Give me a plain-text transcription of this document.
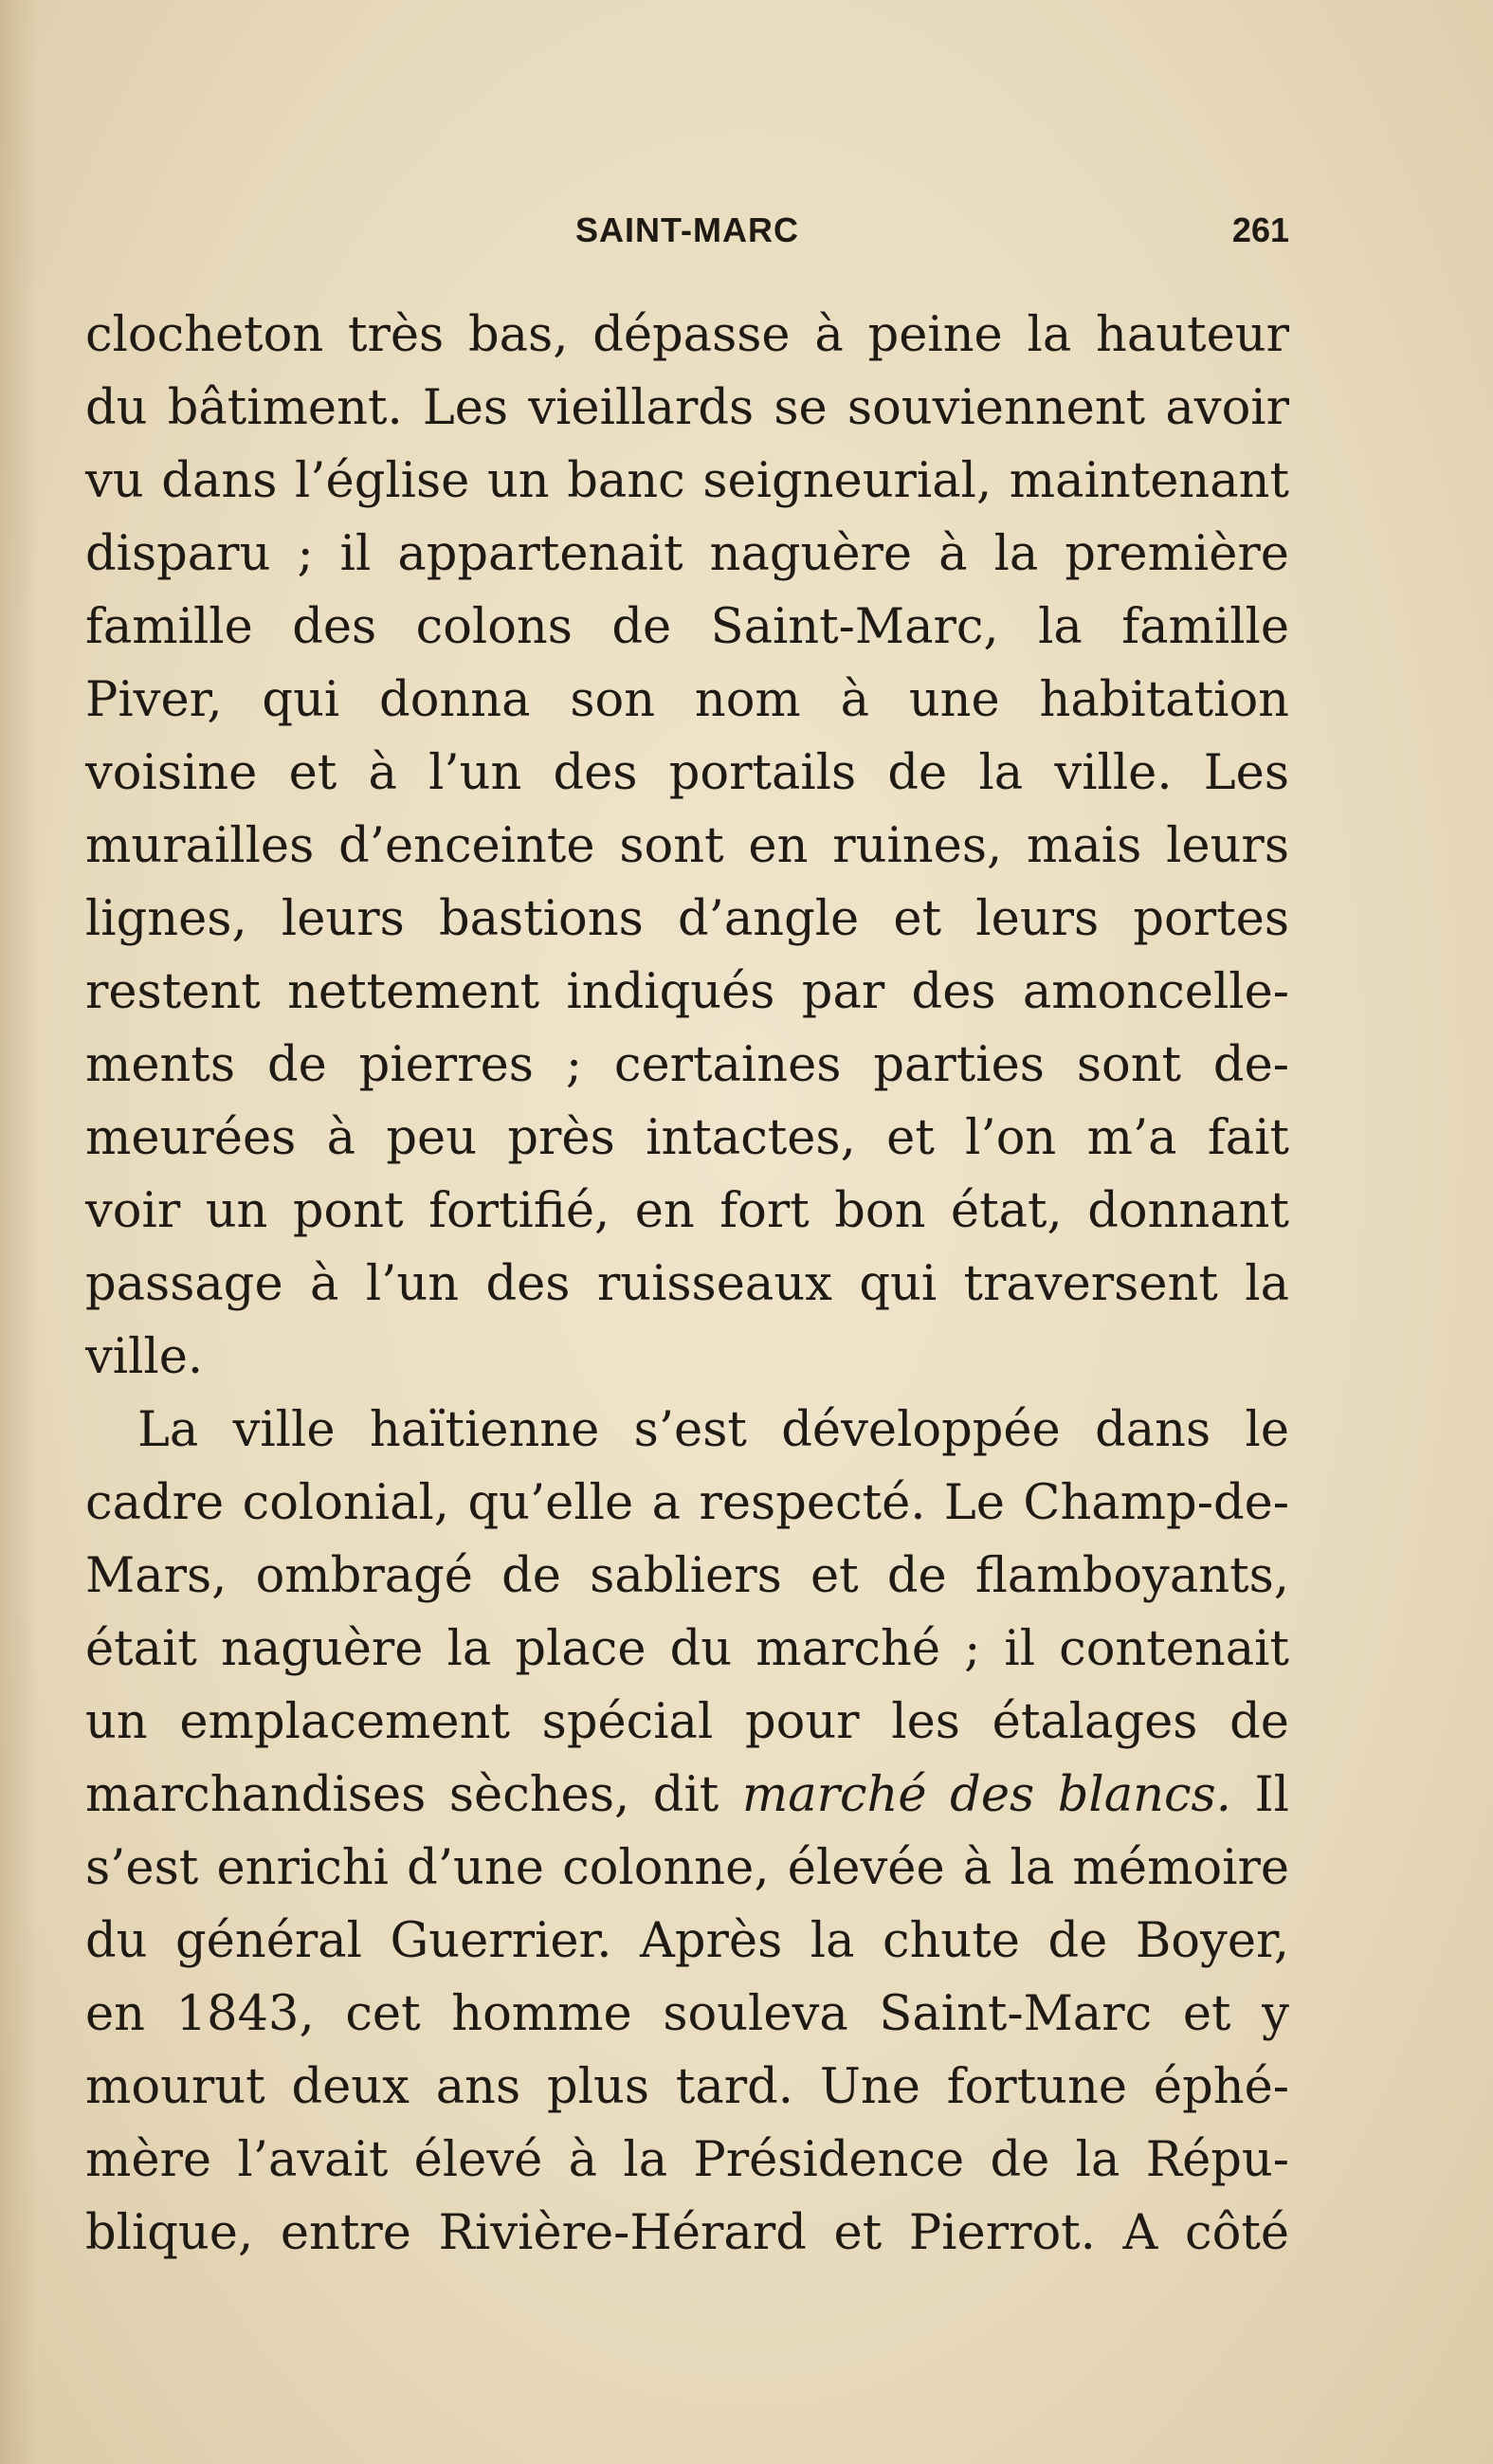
SAINT-MARC	261
clocheton très bas, dépasse à peine la hauteur
du bâtiment. Les vieillards se souviennent avoir
vu dans l’église un banc seigneurial, maintenant
disparu ; il appartenait naguère à la première
famille des colons de Saint-Marc, la famille
Piver, qui donna son nom à une habitation
voisine et à l’un des portails de la ville. Les
murailles d’enceinte sont en ruines, mais leurs
lignes, leurs bastions d’angle et leurs portes
restent nettement indiqués par des amoncelle-
ments de pierres ; certaines parties sont de-
meurées à peu près intactes, et l’on m’a fait
voir un pont fortifié, en fort bon état, donnant
passage à l’un des ruisseaux qui traversent la
ville.
La ville haïtienne s’est développée dans le
cadre colonial, qu’elle a respecté. Le Champ-de-
Mars, ombragé de sabliers et de flamboyants,
était naguère la place du marché ; il contenait
un emplacement spécial pour les étalages de
marchandises sèches, dit marché des blancs. Il
s’est enrichi d’une colonne, élevée à la mémoire
du général Guerrier. Après la chute de Boyer,
en 1843, cet homme souleva Saint-Marc et y
mourut deux ans plus tard. Une fortune éphé-
mère l’avait élevé à la Présidence de la Répu-
blique, entre Rivière-Hérard et Pierrot. A côté
